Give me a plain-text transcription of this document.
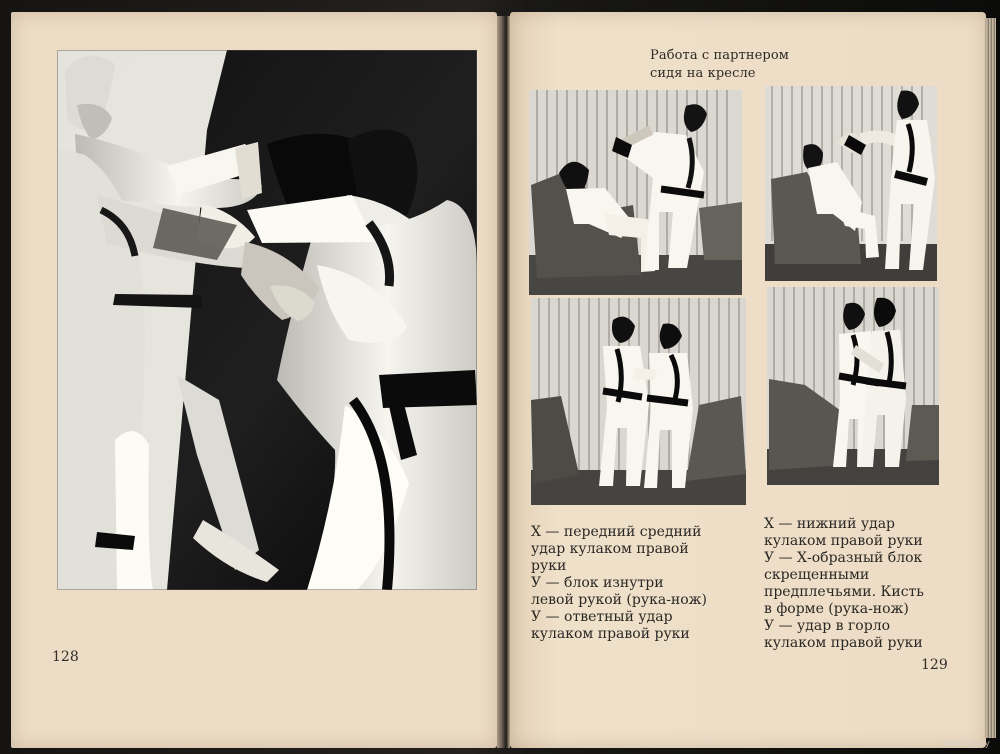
Работа с партнером
сидя на кресле
Х — передний средний
удар кулаком правой
руки
У — блок изнутри
левой рукой (рука-нож)
У — ответный удар
кулаком правой руки
Х — нижний удар
кулаком правой руки
У — Х-образный блок
скрещенными
предплечьями. Кисть
в форме (рука-нож)
У — удар в горло
кулаком правой руки
128	129
www.ay.by
